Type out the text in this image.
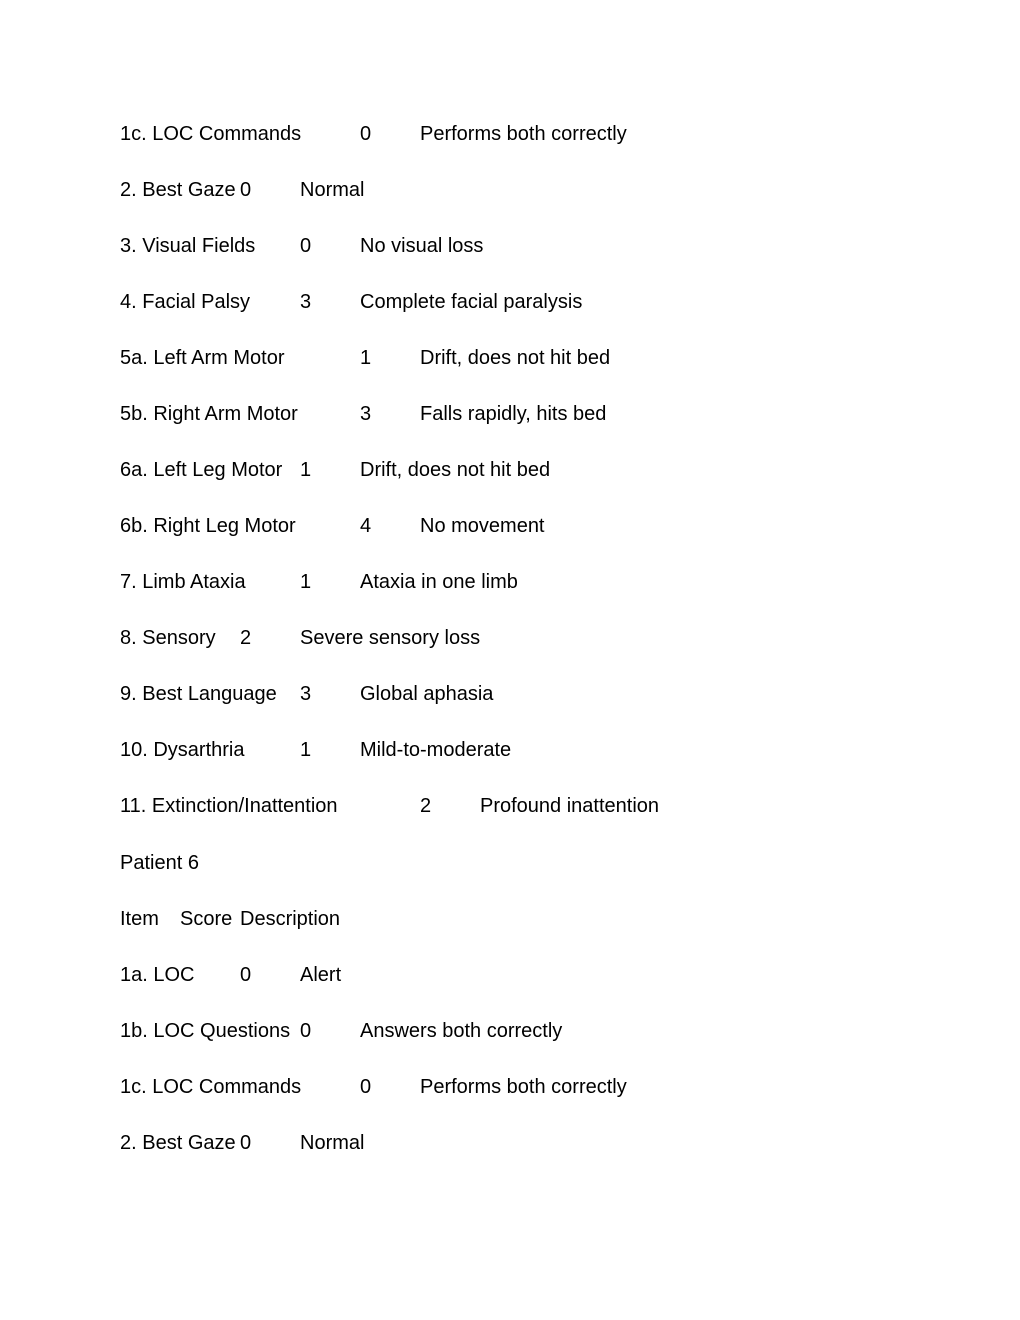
1c. LOC Commands	0 Performs both correctly
2. Best Gaze 0 Normal
3. Visual Fields 0 No visual loss
4. Facial Palsy 3 Complete facial paralysis
5a. Left Arm Motor	1 Drift, does not hit bed
5b. Right Arm Motor	3 Falls rapidly, hits bed
6a. Left Leg Motor 1 Drift, does not hit bed
6b. Right Leg Motor	4 No movement
7. Limb Ataxia	1 Ataxia in one limb
8. Sensory 2 Severe sensory loss
9. Best Language 3 Global aphasia
10. Dysarthria	1 Mild-to-moderate
11. Extinction/Inattention	2 Profound inattention
Patient 6
Item Score Description
1a. LOC 0 Alert
1b. LOC Questions 0 Answers both correctly
1c. LOC Commands	0 Performs both correctly
2. Best Gaze 0 Normal
